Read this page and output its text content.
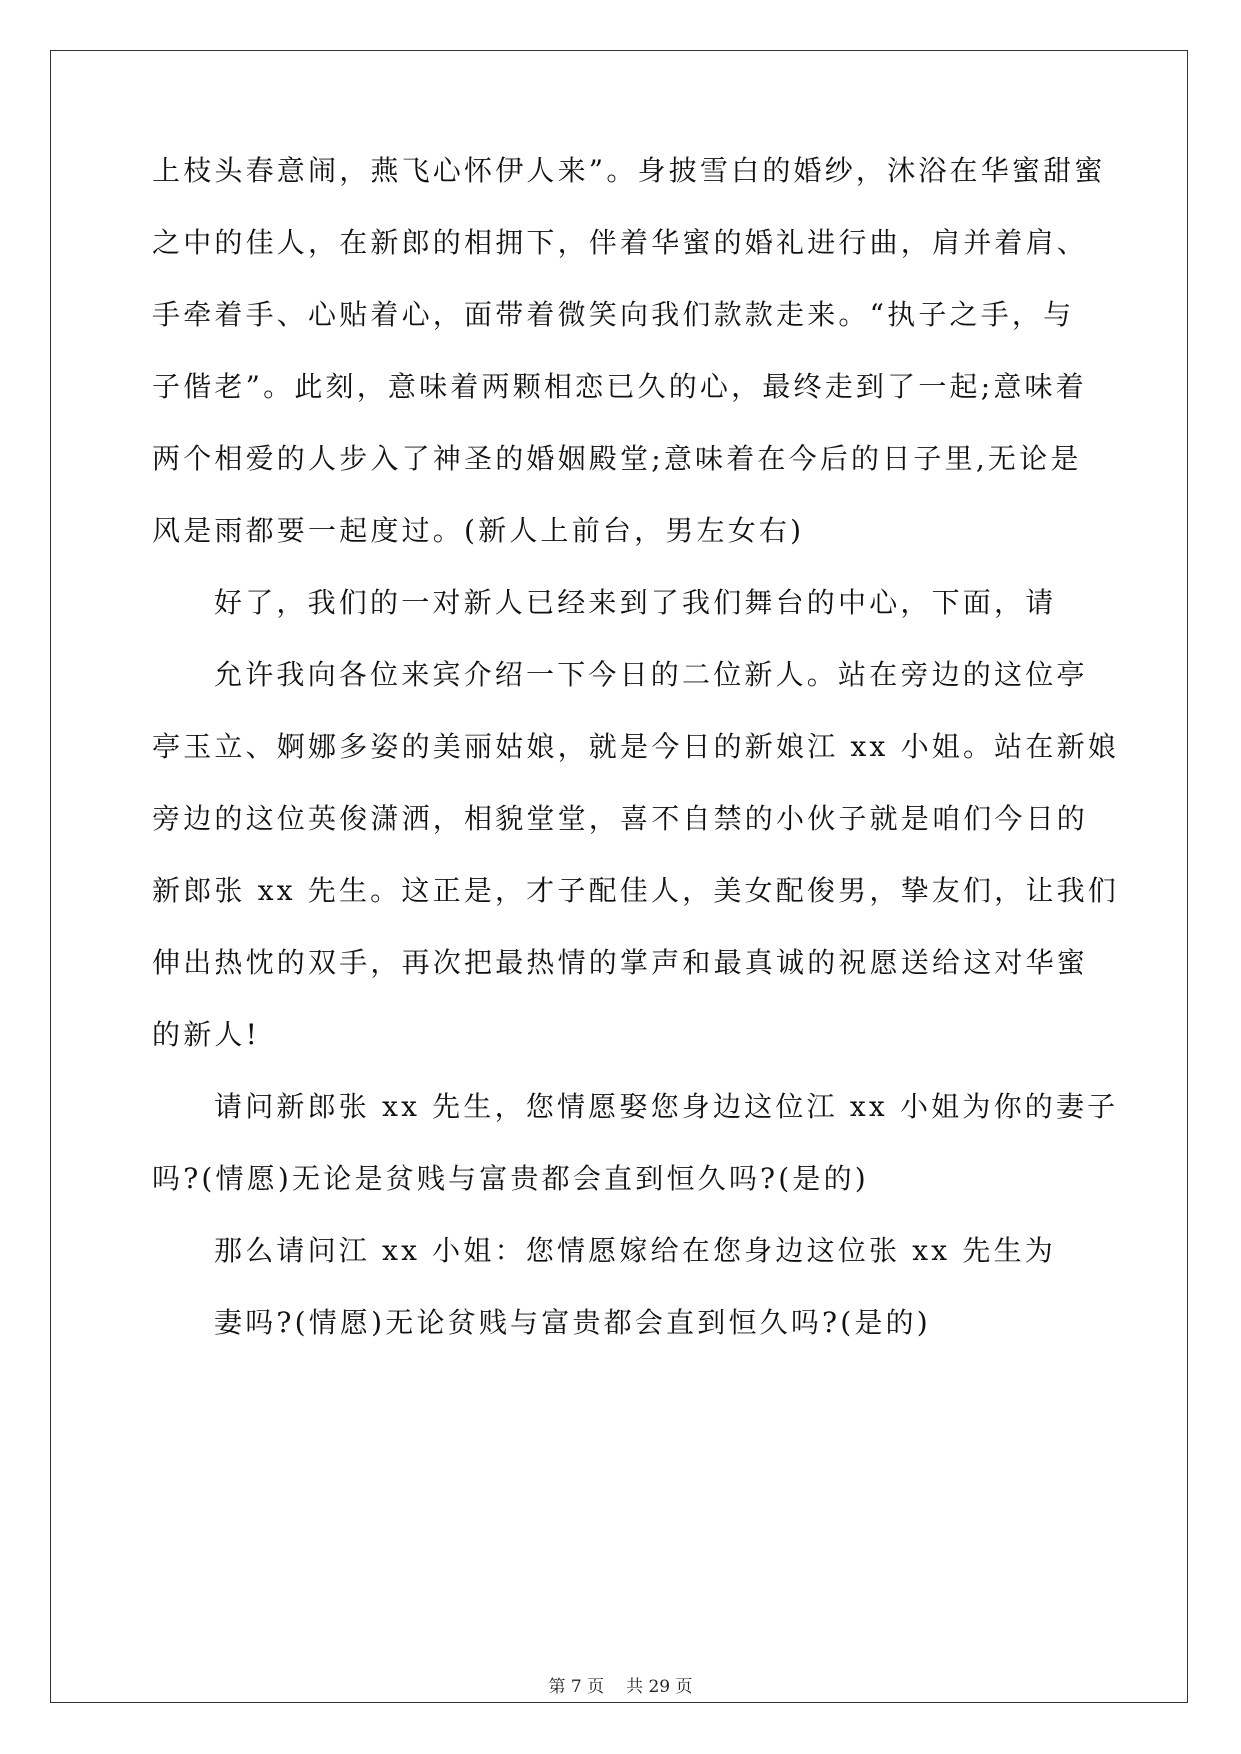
上枝头春意闹，燕飞心怀伊人来”。身披雪白的婚纱，沐浴在华蜜甜蜜

之中的佳人，在新郎的相拥下，伴着华蜜的婚礼进行曲，肩并着肩、

手牵着手、心贴着心，面带着微笑向我们款款走来。“执子之手，与

子偕老”。此刻，意味着两颗相恋已久的心，最终走到了一起;意味着

两个相爱的人步入了神圣的婚姻殿堂;意味着在今后的日子里,无论是

风是雨都要一起度过。(新人上前台，男左女右)

好了，我们的一对新人已经来到了我们舞台的中心，下面，请

允许我向各位来宾介绍一下今日的二位新人。站在旁边的这位亭

亭玉立、婀娜多姿的美丽姑娘，就是今日的新娘江 xx 小姐。站在新娘

旁边的这位英俊潇洒，相貌堂堂，喜不自禁的小伙子就是咱们今日的

新郎张 xx 先生。这正是，才子配佳人，美女配俊男，挚友们，让我们

伸出热忱的双手，再次把最热情的掌声和最真诚的祝愿送给这对华蜜

的新人!

请问新郎张 xx 先生，您情愿娶您身边这位江 xx 小姐为你的妻子

吗?(情愿)无论是贫贱与富贵都会直到恒久吗?(是的)

那么请问江 xx 小姐：您情愿嫁给在您身边这位张 xx 先生为

妻吗?(情愿)无论贫贱与富贵都会直到恒久吗?(是的)

第 7 页 共 29 页
